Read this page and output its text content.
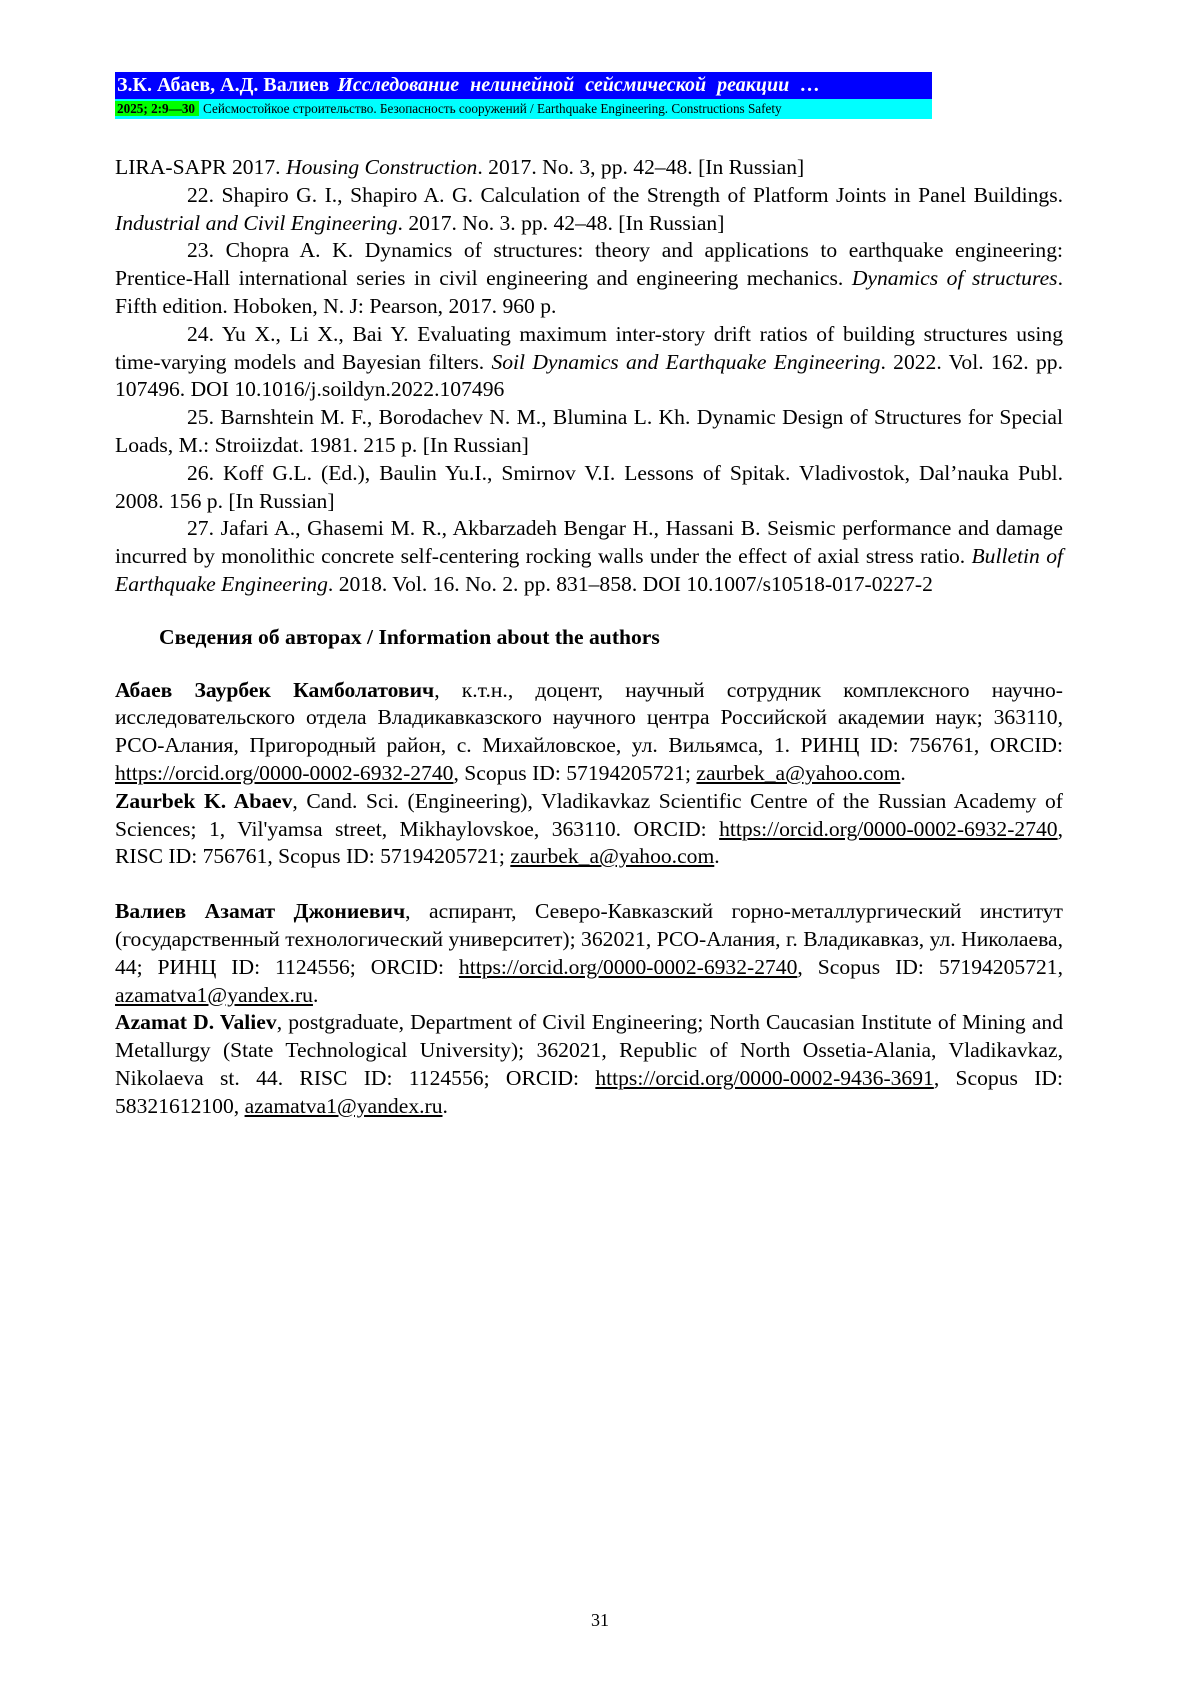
З.К. Абаев, А.Д. Валиев Исследование нелинейной сейсмической реакции …
2025; 2:9—30 Сейсмостойкое строительство. Безопасность сооружений / Earthquake Engineering. Constructions Safety

LIRA-SAPR 2017. Housing Construction. 2017. No. 3, pp. 42–48. [In Russian]

22. Shapiro G. I., Shapiro A. G. Calculation of the Strength of Platform Joints in Panel Buildings. Industrial and Civil Engineering. 2017. No. 3. pp. 42–48. [In Russian]

23. Chopra A. K. Dynamics of structures: theory and applications to earthquake engineering: Prentice-Hall international series in civil engineering and engineering mechanics. Dynamics of structures. Fifth edition. Hoboken, N. J: Pearson, 2017. 960 p.

24. Yu X., Li X., Bai Y. Evaluating maximum inter-story drift ratios of building structures using time-varying models and Bayesian filters. Soil Dynamics and Earthquake Engineering. 2022. Vol. 162. pp. 107496. DOI 10.1016/j.soildyn.2022.107496

25. Barnshtein M. F., Borodachev N. M., Blumina L. Kh. Dynamic Design of Structures for Special Loads, M.: Stroiizdat. 1981. 215 p. [In Russian]

26. Koff G.L. (Ed.), Baulin Yu.I., Smirnov V.I. Lessons of Spitak. Vladivostok, Dal’nauka Publ. 2008. 156 p. [In Russian]

27. Jafari A., Ghasemi M. R., Akbarzadeh Bengar H., Hassani B. Seismic performance and damage incurred by monolithic concrete self-centering rocking walls under the effect of axial stress ratio. Bulletin of Earthquake Engineering. 2018. Vol. 16. No. 2. pp. 831–858. DOI 10.1007/s10518-017-0227-2

Сведения об авторах / Information about the authors

Абаев Заурбек Камболатович, к.т.н., доцент, научный сотрудник комплексного научно-исследовательского отдела Владикавказского научного центра Российской академии наук; 363110, РСО-Алания, Пригородный район, с. Михайловское, ул. Вильямса, 1. РИНЦ ID: 756761, ORCID: https://orcid.org/0000-0002-6932-2740, Scopus ID: 57194205721; zaurbek_a@yahoo.com.

Zaurbek K. Abaev, Cand. Sci. (Engineering), Vladikavkaz Scientific Centre of the Russian Academy of Sciences; 1, Vil'yamsa street, Mikhaylovskoe, 363110. ORCID: https://orcid.org/0000-0002-6932-2740, RISC ID: 756761, Scopus ID: 57194205721; zaurbek_a@yahoo.com.

Валиев Азамат Джониевич, аспирант, Северо-Кавказский горно-металлургический институт (государственный технологический университет); 362021, РСО-Алания, г. Владикавказ, ул. Николаева, 44; РИНЦ ID: 1124556; ORCID: https://orcid.org/0000-0002-6932-2740, Scopus ID: 57194205721, azamatva1@yandex.ru.

Azamat D. Valiev, postgraduate, Department of Civil Engineering; North Caucasian Institute of Mining and Metallurgy (State Technological University); 362021, Republic of North Ossetia-Alania, Vladikavkaz, Nikolaeva st. 44. RISC ID: 1124556; ORCID: https://orcid.org/0000-0002-9436-3691, Scopus ID: 58321612100, azamatva1@yandex.ru.

31
